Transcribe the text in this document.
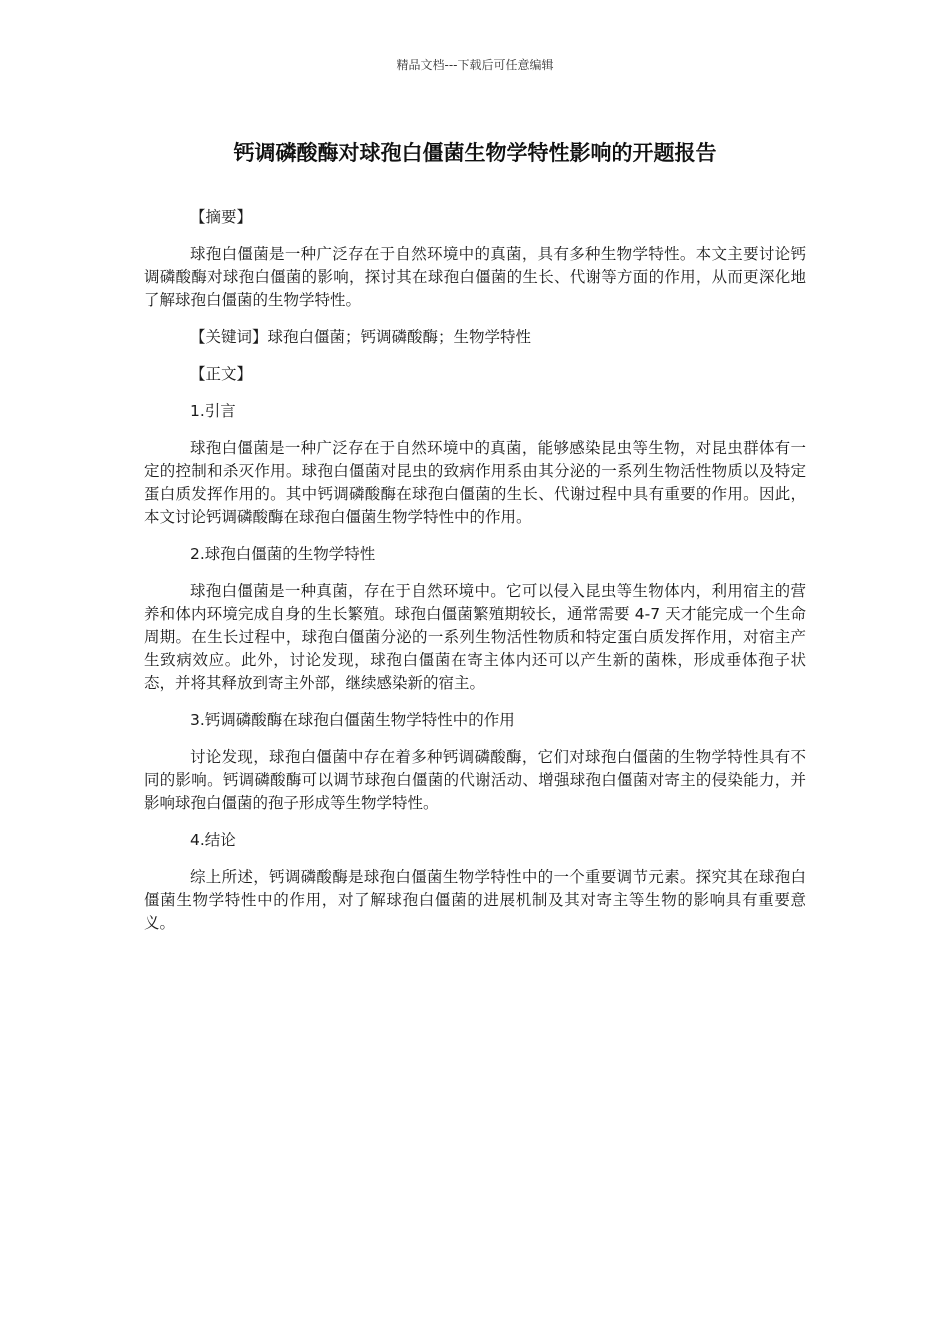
精品文档---下载后可任意编辑
钙调磷酸酶对球孢白僵菌生物学特性影响的开题报告

【摘要】

球孢白僵菌是一种广泛存在于自然环境中的真菌，具有多种生物学特性。本文主要讨论钙调磷酸酶对球孢白僵菌的影响，探讨其在球孢白僵菌的生长、代谢等方面的作用，从而更深化地了解球孢白僵菌的生物学特性。

【关键词】球孢白僵菌；钙调磷酸酶；生物学特性

【正文】

1.引言

球孢白僵菌是一种广泛存在于自然环境中的真菌，能够感染昆虫等生物，对昆虫群体有一定的控制和杀灭作用。球孢白僵菌对昆虫的致病作用系由其分泌的一系列生物活性物质以及特定蛋白质发挥作用的。其中钙调磷酸酶在球孢白僵菌的生长、代谢过程中具有重要的作用。因此，本文讨论钙调磷酸酶在球孢白僵菌生物学特性中的作用。

2.球孢白僵菌的生物学特性

球孢白僵菌是一种真菌，存在于自然环境中。它可以侵入昆虫等生物体内，利用宿主的营养和体内环境完成自身的生长繁殖。球孢白僵菌繁殖期较长，通常需要 4-7 天才能完成一个生命周期。在生长过程中，球孢白僵菌分泌的一系列生物活性物质和特定蛋白质发挥作用，对宿主产生致病效应。此外，讨论发现，球孢白僵菌在寄主体内还可以产生新的菌株，形成垂体孢子状态，并将其释放到寄主外部，继续感染新的宿主。

3.钙调磷酸酶在球孢白僵菌生物学特性中的作用

讨论发现，球孢白僵菌中存在着多种钙调磷酸酶，它们对球孢白僵菌的生物学特性具有不同的影响。钙调磷酸酶可以调节球孢白僵菌的代谢活动、增强球孢白僵菌对寄主的侵染能力，并影响球孢白僵菌的孢子形成等生物学特性。

4.结论

综上所述，钙调磷酸酶是球孢白僵菌生物学特性中的一个重要调节元素。探究其在球孢白僵菌生物学特性中的作用，对了解球孢白僵菌的进展机制及其对寄主等生物的影响具有重要意义。
